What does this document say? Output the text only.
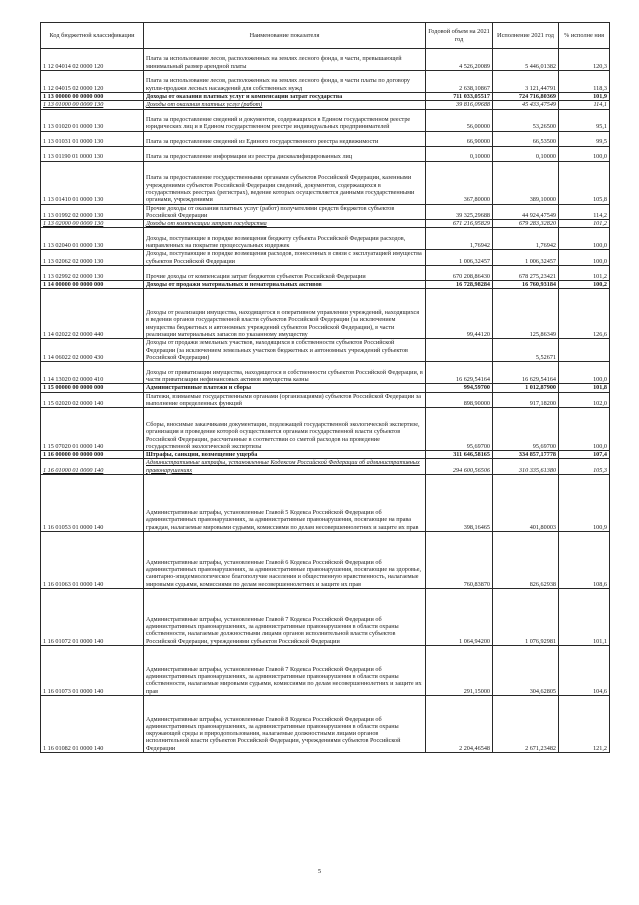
Код бюджетной классификации	Наименование показателя	Годовой объем на 2021 год	Исполнение 2021 год	% исполне ния
1 12 04014 02 0000 120	Плата за использование лесов, расположенных на землях лесного фонда, в части, превышающей минимальный размер арендной платы	4 526,20089	5 446,01382	120,3
1 12 04015 02 0000 120	Плата за использование лесов, расположенных на землях лесного фонда, в части платы по договору купли-продажи лесных насаждений для собственных нужд	2 638,10867	3 121,44791	118,3
1 13 00000 00 0000 000	Доходы от оказания платных услуг и компенсации затрат государства	711 033,05517	724 716,80369	101,9
1 13 01000 00 0000 130	Доходы от оказания платных услуг (работ)	39 816,09688	45 433,47549	114,1
1 13 01020 01 0000 130	Плата за предоставление сведений и документов, содержащихся в Едином государственном реестре юридических лиц и в Едином государственном реестре индивидуальных предпринимателей	56,00000	53,26500	95,1
1 13 01031 01 0000 130	Плата за предоставление сведений из Единого государственного реестра недвижимости	66,90000	66,53500	99,5
1 13 01190 01 0000 130	Плата за предоставление информации из реестра дисквалифицированных лиц	0,10000	0,10000	100,0
1 13 01410 01 0000 130	Плата за предоставление государственными органами субъектов Российской Федерации, казенными учреждениями субъектов Российской Федерации сведений, документов, содержащихся в государственных реестрах (регистрах), ведение которых осуществляется данными государственными органами, учреждениями	367,80000	389,10000	105,8
1 13 01992 02 0000 130	Прочие доходы от оказания платных услуг (работ) получателями средств бюджетов субъектов Российской Федерации	39 325,29688	44 924,47549	114,2
1 13 02000 00 0000 130	Доходы от компенсации затрат государства	671 216,95829	679 283,32820	101,2
1 13 02040 01 0000 130	Доходы, поступающие в порядке возмещения бюджету субъекта Российской Федерации расходов, направленных на покрытие процессуальных издержек	1,76942	1,76942	100,0
1 13 02062 02 0000 130	Доходы, поступающие в порядке возмещения расходов, понесенных в связи с эксплуатацией имущества субъектов Российской Федерации	1 006,32457	1 006,32457	100,0
1 13 02992 02 0000 130	Прочие доходы от компенсации затрат бюджетов субъектов Российской Федерации	670 208,86430	678 275,23421	101,2
1 14 00000 00 0000 000	Доходы от продажи материальных и нематериальных активов	16 728,98284	16 760,93184	100,2
1 14 02022 02 0000 440	Доходы от реализации имущества, находящегося в оперативном управлении учреждений, находящихся в ведении органов государственной власти субъектов Российской Федерации (за исключением имущества бюджетных и автономных учреждений субъектов Российской Федерации), в части реализации материальных запасов по указанному имуществу	99,44120	125,86349	126,6
1 14 06022 02 0000 430	Доходы от продажи земельных участков, находящихся в собственности субъектов Российской Федерации (за исключением земельных участков бюджетных и автономных учреждений субъектов Российской Федерации)		5,52671	
1 14 13020 02 0000 410	Доходы от приватизации имущества, находящегося в собственности субъектов Российской Федерации, в части приватизации нефинансовых активов имущества казны	16 629,54164	16 629,54164	100,0
1 15 00000 00 0000 000	Административные платежи и сборы	994,59700	1 012,87900	101,8
1 15 02020 02 0000 140	Платежи, взимаемые государственными органами (организациями) субъектов Российской Федерации за выполнение определенных функций	898,90000	917,18200	102,0
1 15 07020 01 0000 140	Сборы, вносимые заказчиками документации, подлежащей государственной экологической экспертизе, организация и проведение которой осуществляется органами государственной власти субъектов Российской Федерации, рассчитанные в соответствии со сметой расходов на проведение государственной экологической экспертизы	95,69700	95,69700	100,0
1 16 00000 00 0000 000	Штрафы, санкции, возмещение ущерба	311 646,58165	334 857,17778	107,4
1 16 01000 01 0000 140	Административные штрафы, установленные Кодексом Российской Федерации об административных правонарушениях	294 600,56506	310 335,61380	105,3
1 16 01053 01 0000 140	Административные штрафы, установленные Главой 5 Кодекса Российской Федерации об административных правонарушениях, за административные правонарушения, посягающие на права граждан, налагаемые мировыми судьями, комиссиями по делам несовершеннолетних и защите их прав	398,16465	401,80003	100,9
1 16 01063 01 0000 140	Административные штрафы, установленные Главой 6 Кодекса Российской Федерации об административных правонарушениях, за административные правонарушения, посягающие на здоровье, санитарно-эпидемиологическое благополучие населения и общественную нравственность, налагаемые мировыми судьями, комиссиями по делам несовершеннолетних и защите их прав	760,83870	826,62938	108,6
1 16 01072 01 0000 140	Административные штрафы, установленные Главой 7 Кодекса Российской Федерации об административных правонарушениях, за административные правонарушения в области охраны собственности, налагаемые должностными лицами органов исполнительной власти субъектов Российской Федерации, учреждениями субъектов Российской Федерации	1 064,94200	1 076,92981	101,1
1 16 01073 01 0000 140	Административные штрафы, установленные Главой 7 Кодекса Российской Федерации об административных правонарушениях, за административные правонарушения в области охраны собственности, налагаемые мировыми судьями, комиссиями по делам несовершеннолетних и защите их прав	291,15000	304,62805	104,6
1 16 01082 01 0000 140	Административные штрафы, установленные Главой 8 Кодекса Российской Федерации об административных правонарушениях, за административные правонарушения в области охраны окружающей среды и природопользования, налагаемые должностными лицами органов исполнительной власти субъектов Российской Федерации, учреждениями субъектов Российской Федерации	2 204,46548	2 671,23482	121,2
5
